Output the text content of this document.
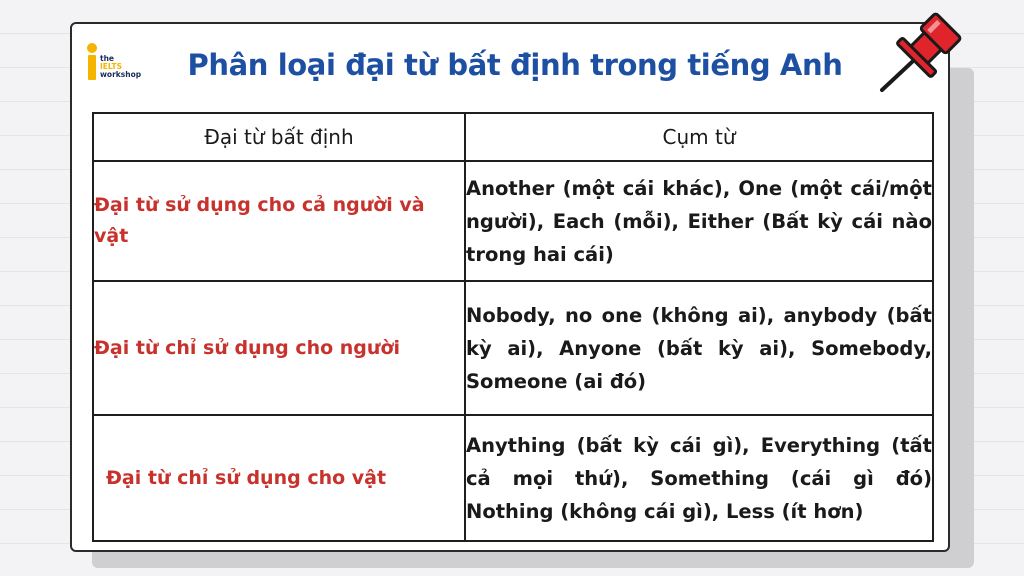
the
IELTS
workshop	Phân loại đại từ bất định trong tiếng Anh
Đại từ bất định	Cụm từ
Đại từ sử dụng cho cả người và vật	Another (một cái khác), One (một cái/một người), Each (mỗi), Either (Bất kỳ cái nào trong hai cái)
Đại từ chỉ sử dụng cho người	Nobody, no one (không ai), anybody (bất kỳ ai), Anyone (bất kỳ ai), Somebody, Someone (ai đó)
Đại từ chỉ sử dụng cho vật	Anything (bất kỳ cái gì), Everything (tất cả mọi thứ), Something (cái gì đó) Nothing (không cái gì), Less (ít hơn)
